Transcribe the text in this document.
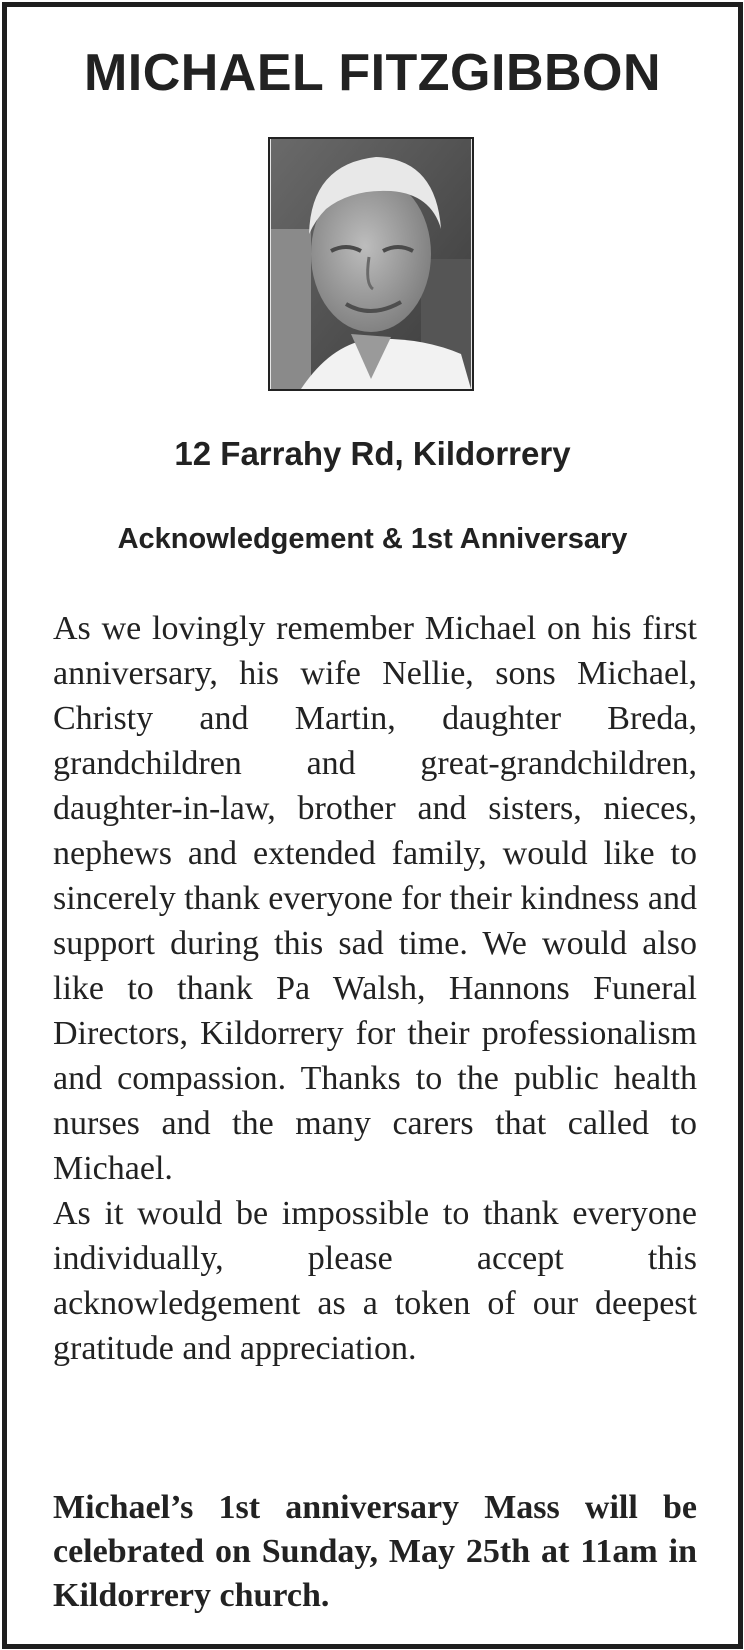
MICHAEL FITZGIBBON
12 Farrahy Rd, Kildorrery
Acknowledgement & 1st Anniversary

As we lovingly remember Michael on his first anniversary, his wife Nellie, sons Michael, Christy and Martin, daughter Breda, grandchildren and great-grandchildren, daughter-in-law, brother and sisters, nieces, nephews and extended family, would like to sincerely thank everyone for their kindness and support during this sad time. We would also like to thank Pa Walsh, Hannons Funeral Directors, Kildorrery for their professionalism and compassion. Thanks to the public health nurses and the many carers that called to Michael.

As it would be impossible to thank everyone individually, please accept this acknowledgement as a token of our deepest gratitude and appreciation.

Michael’s 1st anniversary Mass will be celebrated on Sunday, May 25th at 11am in Kildorrery church.
